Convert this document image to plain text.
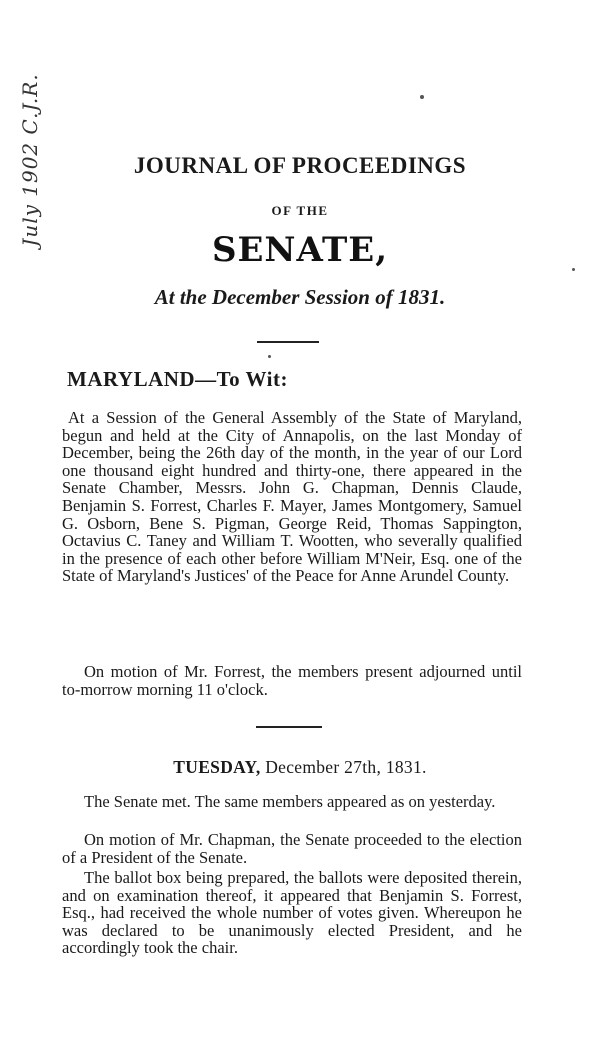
July 1902 C.J.R.	JOURNAL OF PROCEEDINGS
OF THE
SENATE,
At the December Session of 1831.
MARYLAND—To Wit:
At a Session of the General Assembly of the State of Maryland, begun and held at the City of Annapolis, on the last Monday of December, being the 26th day of the month, in the year of our Lord one thousand eight hundred and thirty-one, there appeared in the Senate Chamber, Messrs. John G. Chapman, Dennis Claude, Benjamin S. Forrest, Charles F. Mayer, James Montgomery, Samuel G. Osborn, Bene S. Pigman, George Reid, Thomas Sappington, Octavius C. Taney and William T. Wootten, who severally qualified in the presence of each other before William M'Neir, Esq. one of the State of Maryland's Justices' of the Peace for Anne Arundel County.
On motion of Mr. Forrest, the members present adjourned until to-morrow morning 11 o'clock.
TUESDAY, December 27th, 1831.
The Senate met. The same members appeared as on yesterday.
On motion of Mr. Chapman, the Senate proceeded to the election of a President of the Senate.
The ballot box being prepared, the ballots were deposited therein, and on examination thereof, it appeared that Benjamin S. Forrest, Esq., had received the whole number of votes given. Whereupon he was declared to be unanimously elected President, and he accordingly took the chair.
